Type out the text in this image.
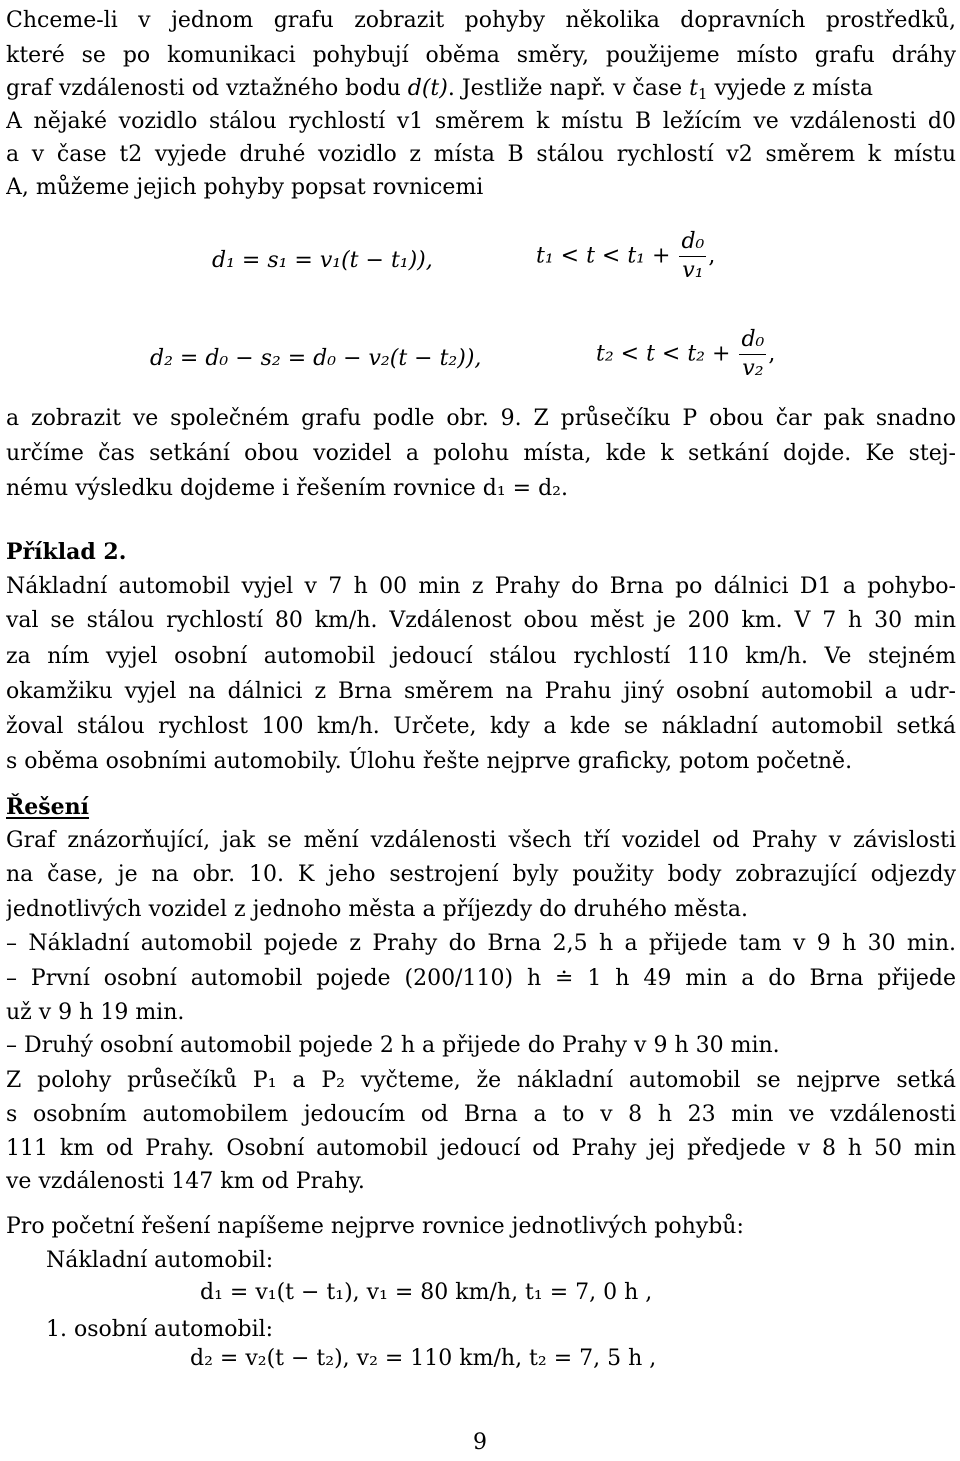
Chceme-li v jednom grafu zobrazit pohyby několika dopravních prostředků,
které se po komunikaci pohybují oběma směry, použijeme místo grafu dráhy
graf vzdálenosti od vztažného bodu d(t). Jestliže např. v čase $t_1$ vyjede z místa
A nějaké vozidlo stálou rychlostí v1 směrem k místu B ležícím ve vzdálenosti d0
a v čase t2 vyjede druhé vozidlo z místa B stálou rychlostí v2 směrem k místu
A, můžeme jejich pohyby popsat rovnicemi
d₁ = s₁ = v₁(t − t₁)),	$t_1 < t < t_1 + \frac{\text{d₀}}{\text{v₁}}$ ,
d₂ = d₀ − s₂ = d₀ − v₂(t − t₂)),	$t_2 < t < t_2 + \frac{\text{d₀}}{\text{v₂}}$ ,
a zobrazit ve společném grafu podle obr. 9. Z průsečíku P obou čar pak snadno
určíme čas setkání obou vozidel a polohu místa, kde k setkání dojde. Ke stej-
nému výsledku dojdeme i řešením rovnice d₁ = d₂.
Příklad 2.
Nákladní automobil vyjel v 7 h 00 min z Prahy do Brna po dálnici D1 a pohybo-
val se stálou rychlostí 80 km/h. Vzdálenost obou měst je 200 km. V 7 h 30 min
za ním vyjel osobní automobil jedoucí stálou rychlostí 110 km/h. Ve stejném
okamžiku vyjel na dálnici z Brna směrem na Prahu jiný osobní automobil a udr-
žoval stálou rychlost 100 km/h. Určete, kdy a kde se nákladní automobil setká
s oběma osobními automobily. Úlohu řešte nejprve graficky, potom početně.
Řešení
Graf znázorňující, jak se mění vzdálenosti všech tří vozidel od Prahy v závislosti
na čase, je na obr. 10. K jeho sestrojení byly použity body zobrazující odjezdy
jednotlivých vozidel z jednoho města a příjezdy do druhého města.
– Nákladní automobil pojede z Prahy do Brna 2,5 h a přijede tam v 9 h 30 min.
– První osobní automobil pojede (200/110) h ≐ 1 h 49 min a do Brna přijede
už v 9 h 19 min.
– Druhý osobní automobil pojede 2 h a přijede do Prahy v 9 h 30 min.
Z polohy průsečíků P₁ a P₂ vyčteme, že nákladní automobil se nejprve setká
s osobním automobilem jedoucím od Brna a to v 8 h 23 min ve vzdálenosti
111 km od Prahy. Osobní automobil jedoucí od Prahy jej předjede v 8 h 50 min
ve vzdálenosti 147 km od Prahy.
Pro početní řešení napíšeme nejprve rovnice jednotlivých pohybů:
Nákladní automobil:
d₁ = v₁(t − t₁), v₁ = 80 km/h, t₁ = 7, 0 h ,
1. osobní automobil:
d₂ = v₂(t − t₂), v₂ = 110 km/h, t₂ = 7, 5 h ,
9
